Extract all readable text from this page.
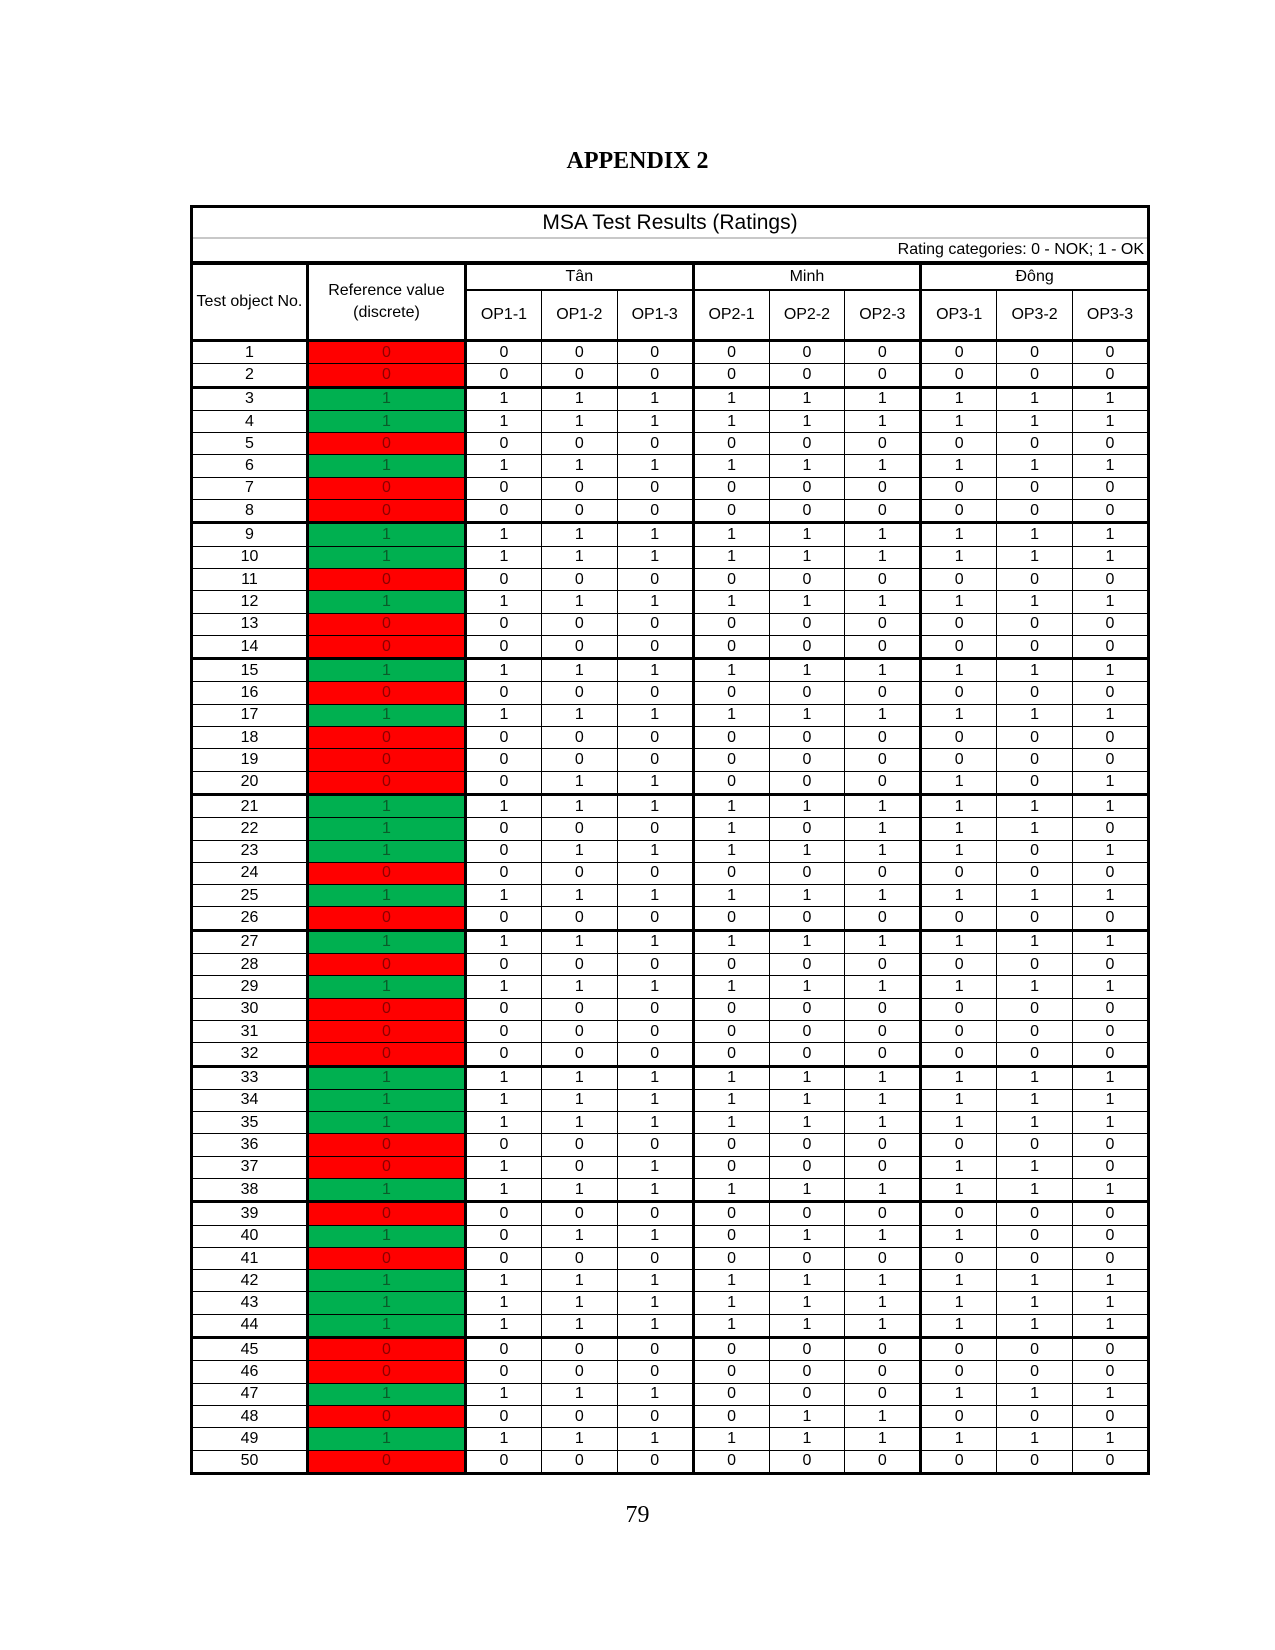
APPENDIX 2
MSA Test Results (Ratings)										
Rating categories: 0 - NOK; 1 - OK										
Test object No.	Reference value (discrete)	Tân			Minh			Đông		
		OP1-1	OP1-2	OP1-3	OP2-1	OP2-2	OP2-3	OP3-1	OP3-2	OP3-3
1	0	0	0	0	0	0	0	0	0	0
2	0	0	0	0	0	0	0	0	0	0
3	1	1	1	1	1	1	1	1	1	1
4	1	1	1	1	1	1	1	1	1	1
5	0	0	0	0	0	0	0	0	0	0
6	1	1	1	1	1	1	1	1	1	1
7	0	0	0	0	0	0	0	0	0	0
8	0	0	0	0	0	0	0	0	0	0
9	1	1	1	1	1	1	1	1	1	1
10	1	1	1	1	1	1	1	1	1	1
11	0	0	0	0	0	0	0	0	0	0
12	1	1	1	1	1	1	1	1	1	1
13	0	0	0	0	0	0	0	0	0	0
14	0	0	0	0	0	0	0	0	0	0
15	1	1	1	1	1	1	1	1	1	1
16	0	0	0	0	0	0	0	0	0	0
17	1	1	1	1	1	1	1	1	1	1
18	0	0	0	0	0	0	0	0	0	0
19	0	0	0	0	0	0	0	0	0	0
20	0	0	1	1	0	0	0	1	0	1
21	1	1	1	1	1	1	1	1	1	1
22	1	0	0	0	1	0	1	1	1	0
23	1	0	1	1	1	1	1	1	0	1
24	0	0	0	0	0	0	0	0	0	0
25	1	1	1	1	1	1	1	1	1	1
26	0	0	0	0	0	0	0	0	0	0
27	1	1	1	1	1	1	1	1	1	1
28	0	0	0	0	0	0	0	0	0	0
29	1	1	1	1	1	1	1	1	1	1
30	0	0	0	0	0	0	0	0	0	0
31	0	0	0	0	0	0	0	0	0	0
32	0	0	0	0	0	0	0	0	0	0
33	1	1	1	1	1	1	1	1	1	1
34	1	1	1	1	1	1	1	1	1	1
35	1	1	1	1	1	1	1	1	1	1
36	0	0	0	0	0	0	0	0	0	0
37	0	1	0	1	0	0	0	1	1	0
38	1	1	1	1	1	1	1	1	1	1
39	0	0	0	0	0	0	0	0	0	0
40	1	0	1	1	0	1	1	1	0	0
41	0	0	0	0	0	0	0	0	0	0
42	1	1	1	1	1	1	1	1	1	1
43	1	1	1	1	1	1	1	1	1	1
44	1	1	1	1	1	1	1	1	1	1
45	0	0	0	0	0	0	0	0	0	0
46	0	0	0	0	0	0	0	0	0	0
47	1	1	1	1	0	0	0	1	1	1
48	0	0	0	0	0	1	1	0	0	0
49	1	1	1	1	1	1	1	1	1	1
50	0	0	0	0	0	0	0	0	0	0
79
